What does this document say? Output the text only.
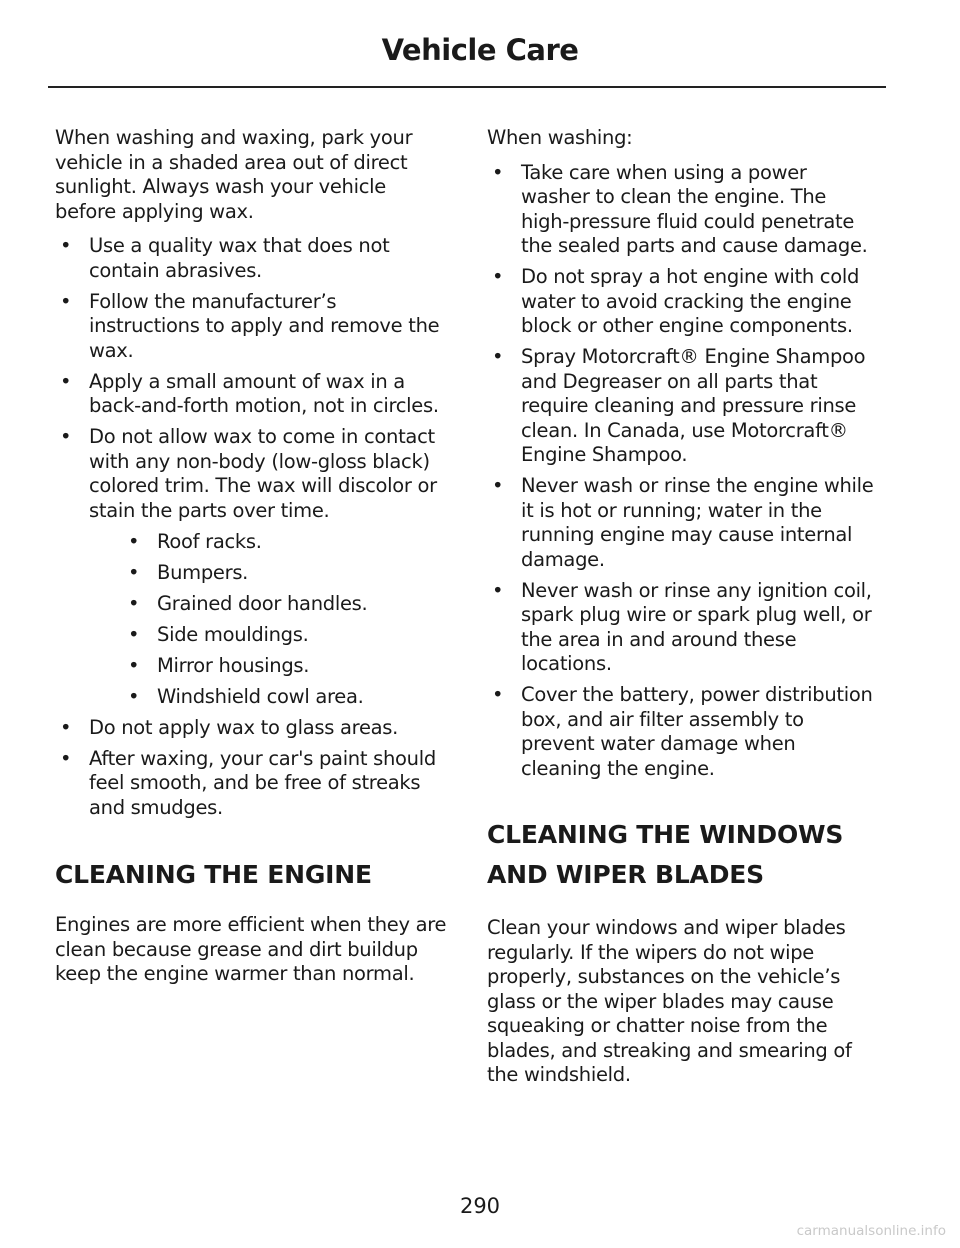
Vehicle Care

When washing and waxing, park your vehicle in a shaded area out of direct sunlight. Always wash your vehicle before applying wax.

• Use a quality wax that does not contain abrasives.
• Follow the manufacturer’s instructions to apply and remove the wax.
• Apply a small amount of wax in a back-and-forth motion, not in circles.
• Do not allow wax to come in contact with any non-body (low-gloss black) colored trim. The wax will discolor or stain the parts over time.
• Roof racks.
• Bumpers.
• Grained door handles.
• Side mouldings.
• Mirror housings.
• Windshield cowl area.
• Do not apply wax to glass areas.
• After waxing, your car's paint should feel smooth, and be free of streaks and smudges.
CLEANING THE ENGINE

Engines are more efficient when they are clean because grease and dirt buildup keep the engine warmer than normal.

When washing:

• Take care when using a power washer to clean the engine. The high-pressure fluid could penetrate the sealed parts and cause damage.
• Do not spray a hot engine with cold water to avoid cracking the engine block or other engine components.
• Spray Motorcraft® Engine Shampoo and Degreaser on all parts that require cleaning and pressure rinse clean. In Canada, use Motorcraft® Engine Shampoo.
• Never wash or rinse the engine while it is hot or running; water in the running engine may cause internal damage.
• Never wash or rinse any ignition coil, spark plug wire or spark plug well, or the area in and around these locations.
• Cover the battery, power distribution box, and air filter assembly to prevent water damage when cleaning the engine.
CLEANING THE WINDOWS
AND WIPER BLADES

Clean your windows and wiper blades regularly. If the wipers do not wipe properly, substances on the vehicle’s glass or the wiper blades may cause squeaking or chatter noise from the blades, and streaking and smearing of the windshield.

290
carmanualsonline.info
